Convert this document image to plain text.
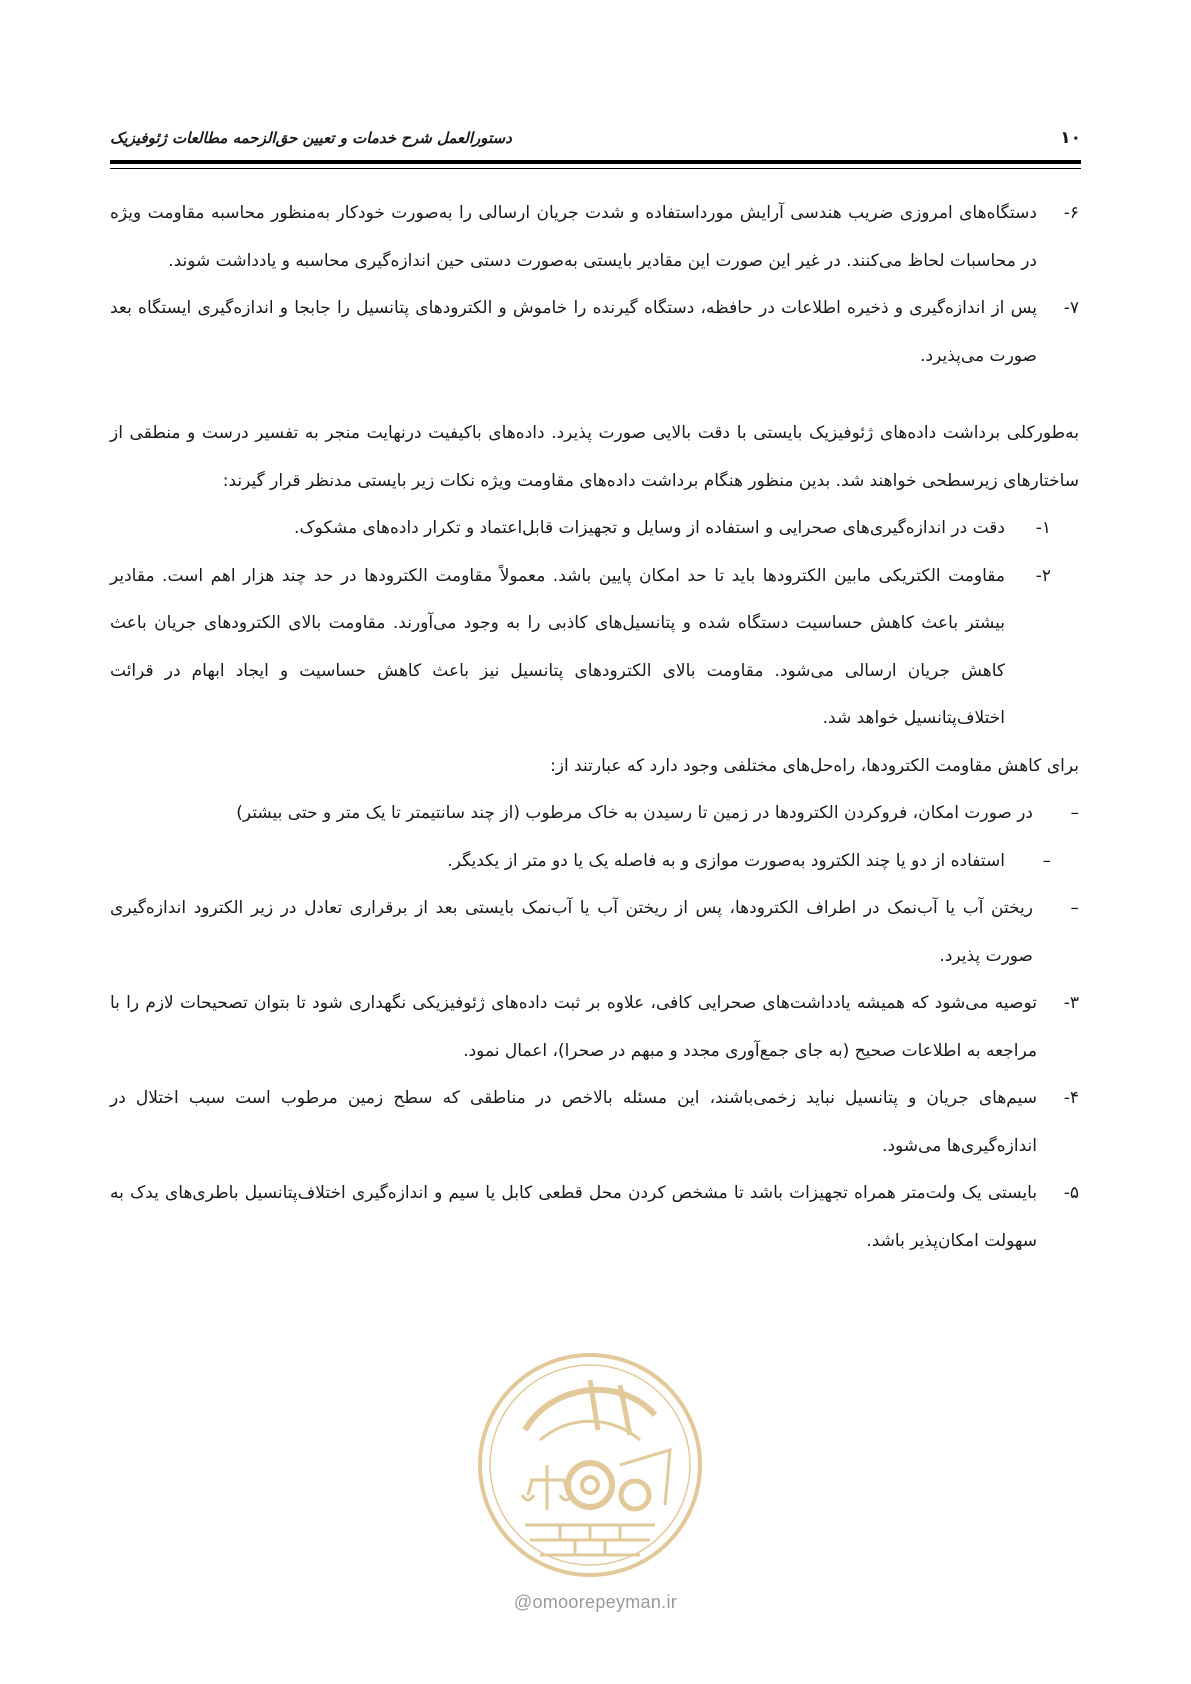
۱۰
دستورالعمل شرح خدمات و تعیین حق‌الزحمه مطالعات ژئوفیزیک
۶-
دستگاه‌های امروزی ضریب هندسی آرایش مورداستفاده و شدت جریان ارسالی را به‌صورت خودکار به‌منظور محاسبه مقاومت ویژه در محاسبات لحاظ می‌کنند. در غیر این صورت این مقادیر بایستی به‌صورت دستی حین اندازه‌گیری محاسبه و یادداشت شوند.
۷-
پس از اندازه‌گیری و ذخیره اطلاعات در حافظه، دستگاه گیرنده را خاموش و الکترودهای پتانسیل را جابجا و اندازه‌گیری ایستگاه بعد صورت می‌پذیرد.

به‌طورکلی برداشت داده‌های ژئوفیزیک بایستی با دقت بالایی صورت پذیرد. داده‌های باکیفیت درنهایت منجر به تفسیر درست و منطقی از ساختارهای زیرسطحی خواهند شد. بدین منظور هنگام برداشت داده‌های مقاومت ویژه نکات زیر بایستی مدنظر قرار گیرند:

۱-
دقت در اندازه‌گیری‌های صحرایی و استفاده از وسایل و تجهیزات قابل‌اعتماد و تکرار داده‌های مشکوک.
۲-
مقاومت الکتریکی مابین الکترودها باید تا حد امکان پایین باشد. معمولاً مقاومت الکترودها در حد چند هزار اهم است. مقادیر بیشتر باعث کاهش حساسیت دستگاه شده و پتانسیل‌های کاذبی را به وجود می‌آورند. مقاومت بالای الکترودهای جریان باعث کاهش جریان ارسالی می‌شود. مقاومت بالای الکترودهای پتانسیل نیز باعث کاهش حساسیت و ایجاد ابهام در قرائت اختلاف‌پتانسیل خواهد شد.

برای کاهش مقاومت الکترودها، راه‌حل‌های مختلفی وجود دارد که عبارتند از:

–
در صورت امکان، فروکردن الکترودها در زمین تا رسیدن به خاک مرطوب (از چند سانتیمتر تا یک متر و حتی بیشتر)
–
استفاده از دو یا چند الکترود به‌صورت موازی و به فاصله یک یا دو متر از یکدیگر.
–
ریختن آب یا آب‌نمک در اطراف الکترودها، پس از ریختن آب یا آب‌نمک بایستی بعد از برقراری تعادل در زیر الکترود اندازه‌گیری صورت پذیرد.
۳-
توصیه می‌شود که همیشه یادداشت‌های صحرایی کافی، علاوه بر ثبت داده‌های ژئوفیزیکی نگهداری شود تا بتوان تصحیحات لازم را با مراجعه به اطلاعات صحیح (به جای جمع‌آوری مجدد و مبهم در صحرا)، اعمال نمود.
۴-
سیم‌های جریان و پتانسیل نباید زخمی‌باشند، این مسئله بالاخص در مناطقی که سطح زمین مرطوب است سبب اختلال در اندازه‌گیری‌ها می‌شود.
۵-
بایستی یک ولت‌متر همراه تجهیزات باشد تا مشخص کردن محل قطعی کابل یا سیم و اندازه‌گیری اختلاف‌پتانسیل باطری‌های یدک به سهولت امکان‌پذیر باشد.
@omoorepeyman.ir
